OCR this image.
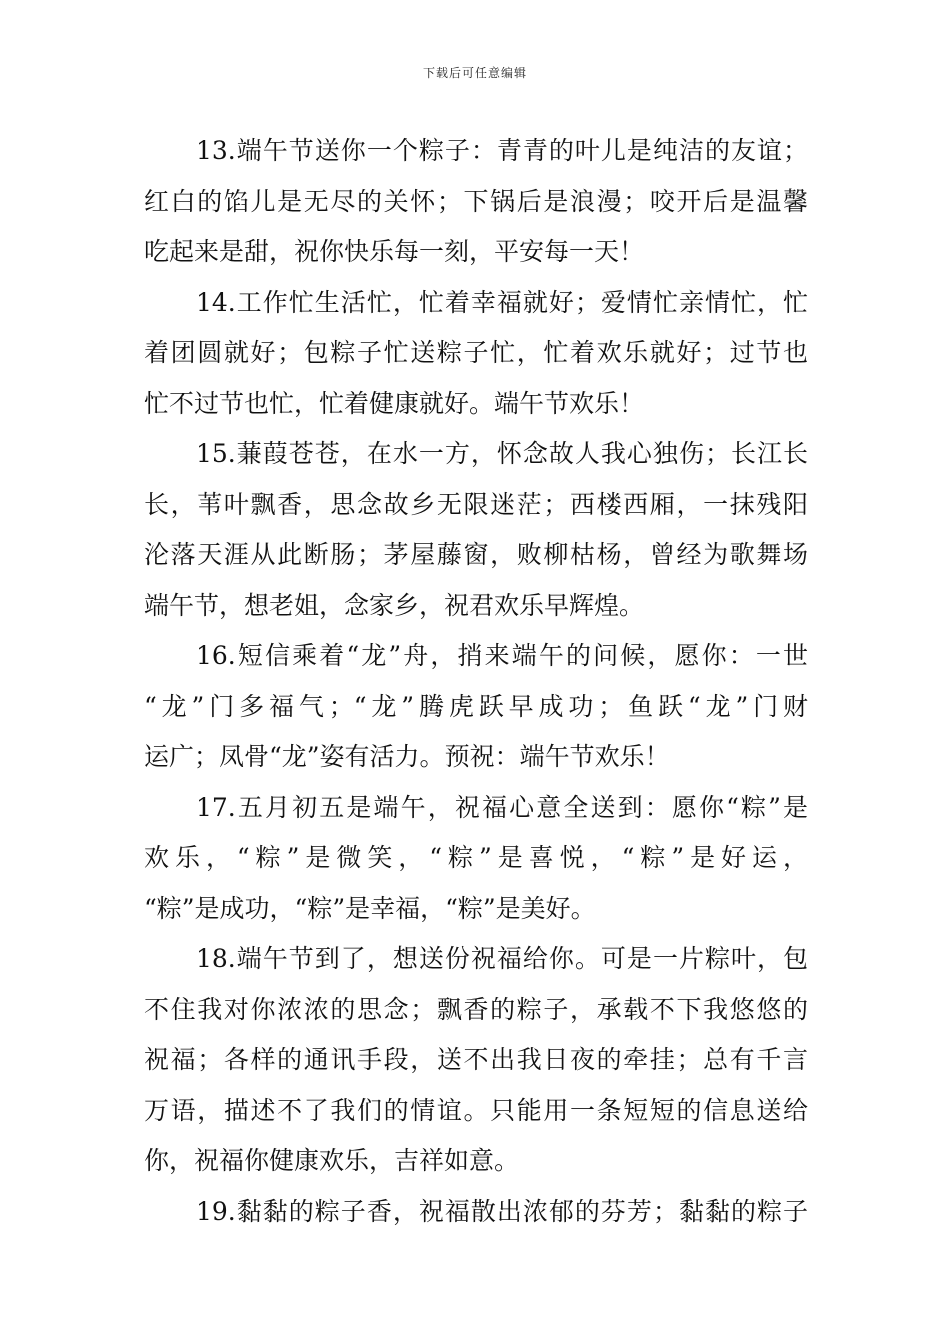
下载后可任意编辑
13.端午节送你一个粽子：青青的叶儿是纯洁的友谊；
红白的馅儿是无尽的关怀；下锅后是浪漫；咬开后是温馨
吃起来是甜，祝你快乐每一刻，平安每一天！
14.工作忙生活忙，忙着幸福就好；爱情忙亲情忙，忙
着团圆就好；包粽子忙送粽子忙，忙着欢乐就好；过节也
忙不过节也忙，忙着健康就好。端午节欢乐！
15.蒹葭苍苍，在水一方，怀念故人我心独伤；长江长
长，苇叶飘香，思念故乡无限迷茫；西楼西厢，一抹残阳
沦落天涯从此断肠；茅屋藤窗，败柳枯杨，曾经为歌舞场
端午节，想老姐，念家乡，祝君欢乐早辉煌。
16.短信乘着“龙”舟，捎来端午的问候，愿你：一世
“龙”门多福气；“龙”腾虎跃早成功；鱼跃“龙”门财
运广；凤骨“龙”姿有活力。预祝：端午节欢乐！
17.五月初五是端午，祝福心意全送到：愿你“粽”是
欢乐，“粽”是微笑，“粽”是喜悦，“粽”是好运，
“粽”是成功，“粽”是幸福，“粽”是美好。
18.端午节到了，想送份祝福给你。可是一片粽叶，包
不住我对你浓浓的思念；飘香的粽子，承载不下我悠悠的
祝福；各样的通讯手段，送不出我日夜的牵挂；总有千言
万语，描述不了我们的情谊。只能用一条短短的信息送给
你，祝福你健康欢乐，吉祥如意。
19.黏黏的粽子香，祝福散出浓郁的芬芳；黏黏的粽子
